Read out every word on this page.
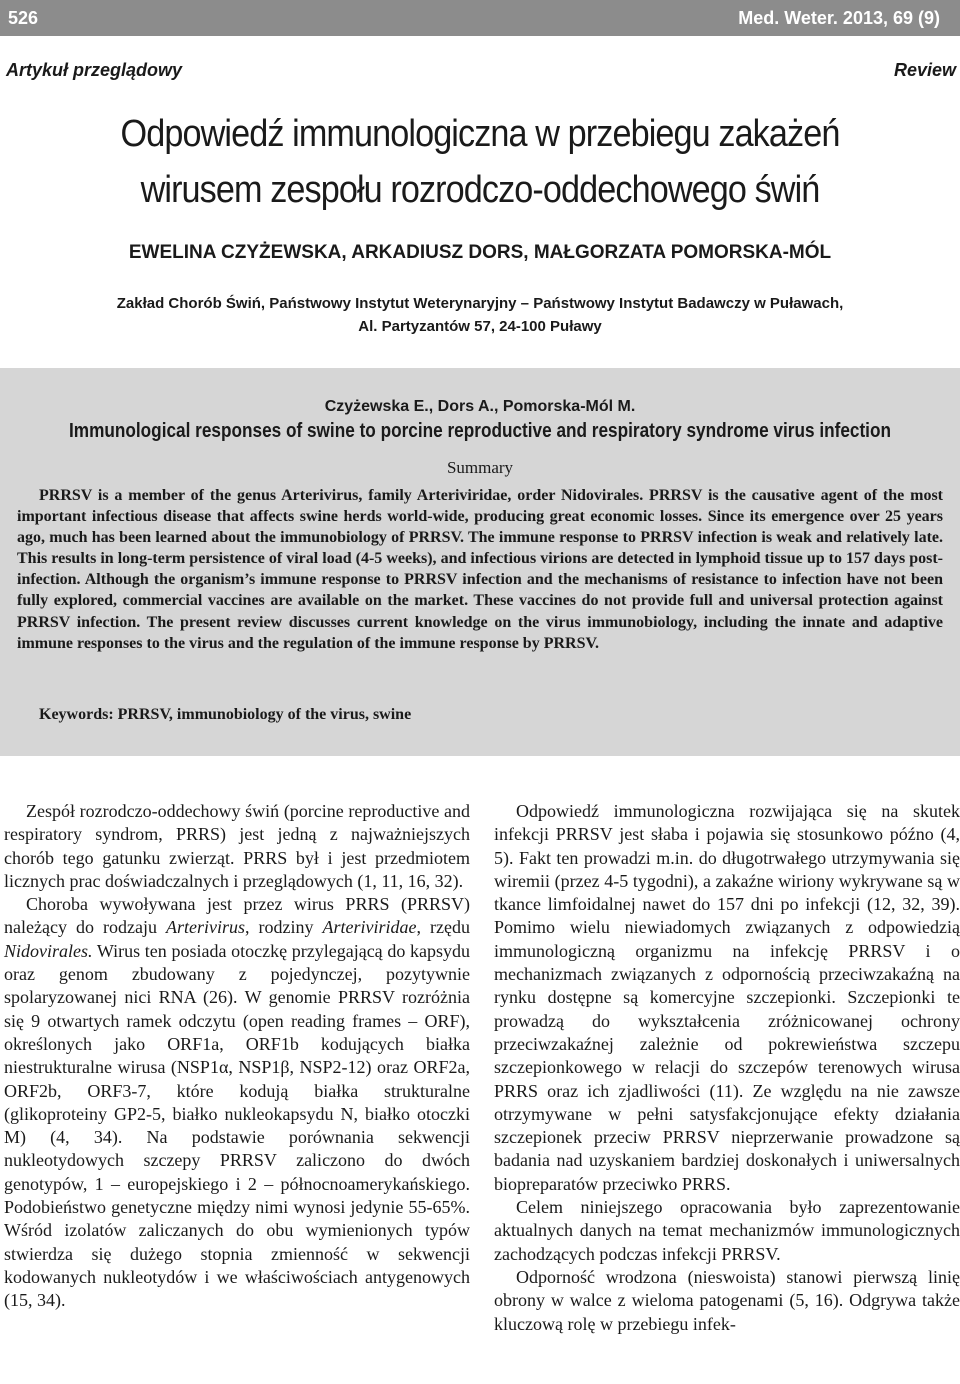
526	Med. Weter. 2013, 69 (9)
Artykuł przeglądowy	Review
Odpowiedź immunologiczna w przebiegu zakażeń
wirusem zespołu rozrodczo-oddechowego świń
EWELINA CZYŻEWSKA, ARKADIUSZ DORS, MAŁGORZATA POMORSKA-MÓL
Zakład Chorób Świń, Państwowy Instytut Weterynaryjny – Państwowy Instytut Badawczy w Puławach,
Al. Partyzantów 57, 24-100 Puławy
Czyżewska E., Dors A., Pomorska-Mól M.
Immunological responses of swine to porcine reproductive and respiratory syndrome virus infection
Summary

PRRSV is a member of the genus Arterivirus, family Arteriviridae, order Nidovirales. PRRSV is the causative agent of the most important infectious disease that affects swine herds world-wide, producing great economic losses. Since its emergence over 25 years ago, much has been learned about the immunobiology of PRRSV. The immune response to PRRSV infection is weak and relatively late. This results in long-term persistence of viral load (4-5 weeks), and infectious virions are detected in lymphoid tissue up to 157 days post-infection. Although the organism’s immune response to PRRSV infection and the mechanisms of resistance to infection have not been fully explored, commercial vaccines are available on the market. These vaccines do not provide full and universal protection against PRRSV infection. The present review discusses current knowledge on the virus immunobiology, including the innate and adaptive immune responses to the virus and the regulation of the immune response by PRRSV.

Keywords: PRRSV, immunobiology of the virus, swine

Zespół rozrodczo-oddechowy świń (porcine reproductive and respiratory syndrom, PRRS) jest jedną z najważniejszych chorób tego gatunku zwierząt. PRRS był i jest przedmiotem licznych prac doświadczalnych i przeglądowych (1, 11, 16, 32).

Choroba wywoływana jest przez wirus PRRS (PRRSV) należący do rodzaju Arterivirus, rodziny Arteriviridae, rzędu Nidovirales. Wirus ten posiada otoczkę przylegającą do kapsydu oraz genom zbudowany z pojedynczej, pozytywnie spolaryzowanej nici RNA (26). W genomie PRRSV rozróżnia się 9 otwartych ramek odczytu (open reading frames – ORF), określonych jako ORF1a, ORF1b kodujących białka niestrukturalne wirusa (NSP1α, NSP1β, NSP2-12) oraz ORF2a, ORF2b, ORF3-7, które kodują białka strukturalne (glikoproteiny GP2-5, białko nukleokapsydu N, białko otoczki M) (4, 34). Na podstawie porównania sekwencji nukleotydowych szczepy PRRSV zaliczono do dwóch genotypów, 1 – europejskiego i 2 – północnoamerykańskiego. Podobieństwo genetyczne między nimi wynosi jedynie 55-65%. Wśród izolatów zaliczanych do obu wymienionych typów stwierdza się dużego stopnia zmienność w sekwencji kodowanych nukleotydów i we właściwościach antygenowych (15, 34).

Odpowiedź immunologiczna rozwijająca się na skutek infekcji PRRSV jest słaba i pojawia się stosunkowo późno (4, 5). Fakt ten prowadzi m.in. do długotrwałego utrzymywania się wiremii (przez 4-5 tygodni), a zakaźne wiriony wykrywane są w tkance limfoidalnej nawet do 157 dni po infekcji (12, 32, 39). Pomimo wielu niewiadomych związanych z odpowiedzią immunologiczną organizmu na infekcję PRRSV i o mechanizmach związanych z odpornością przeciwzakaźną na rynku dostępne są komercyjne szczepionki. Szczepionki te prowadzą do wykształcenia zróżnicowanej ochrony przeciwzakaźnej zależnie od pokrewieństwa szczepu szczepionkowego w relacji do szczepów terenowych wirusa PRRS oraz ich zjadliwości (11). Ze względu na nie zawsze otrzymywane w pełni satysfakcjonujące efekty działania szczepionek przeciw PRRSV nieprzerwanie prowadzone są badania nad uzyskaniem bardziej doskonałych i uniwersalnych biopreparatów przeciwko PRRS.

Celem niniejszego opracowania było zaprezentowanie aktualnych danych na temat mechanizmów immunologicznych zachodzących podczas infekcji PRRSV.

Odporność wrodzona (nieswoista) stanowi pierwszą linię obrony w walce z wieloma patogenami (5, 16). Odgrywa także kluczową rolę w przebiegu infek-
